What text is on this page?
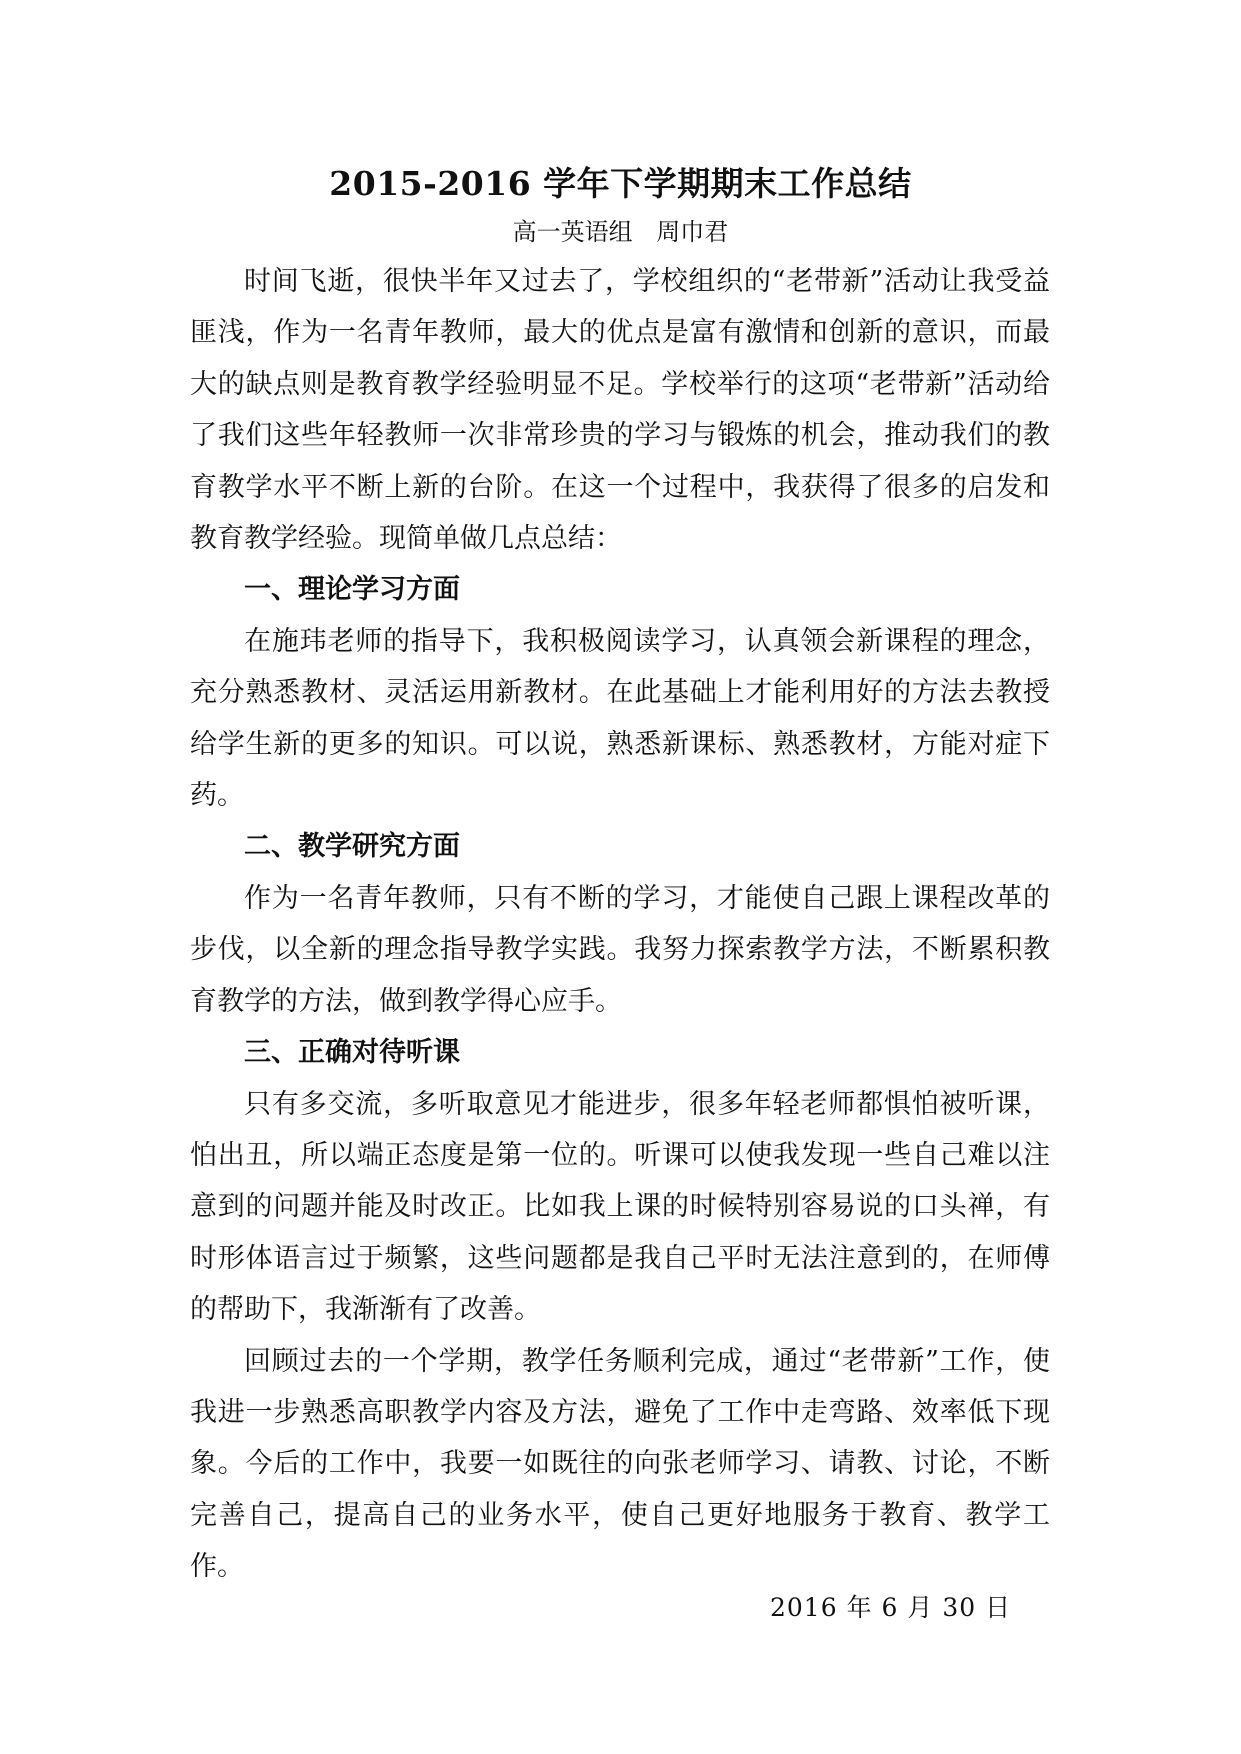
2015-2016 学年下学期期末工作总结
高一英语组 周巾君

时间飞逝，很快半年又过去了，学校组织的“老带新”活动让我受益匪浅，作为一名青年教师，最大的优点是富有激情和创新的意识，而最大的缺点则是教育教学经验明显不足。学校举行的这项“老带新”活动给了我们这些年轻教师一次非常珍贵的学习与锻炼的机会，推动我们的教育教学水平不断上新的台阶。在这一个过程中，我获得了很多的启发和教育教学经验。现简单做几点总结：

一、理论学习方面

在施玮老师的指导下，我积极阅读学习，认真领会新课程的理念，充分熟悉教材、灵活运用新教材。在此基础上才能利用好的方法去教授给学生新的更多的知识。可以说，熟悉新课标、熟悉教材，方能对症下药。

二、教学研究方面

作为一名青年教师，只有不断的学习，才能使自己跟上课程改革的步伐，以全新的理念指导教学实践。我努力探索教学方法，不断累积教育教学的方法，做到教学得心应手。

三、正确对待听课

只有多交流，多听取意见才能进步，很多年轻老师都惧怕被听课，怕出丑，所以端正态度是第一位的。听课可以使我发现一些自己难以注意到的问题并能及时改正。比如我上课的时候特别容易说的口头禅，有时形体语言过于频繁，这些问题都是我自己平时无法注意到的，在师傅的帮助下，我渐渐有了改善。

回顾过去的一个学期，教学任务顺利完成，通过“老带新”工作，使我进一步熟悉高职教学内容及方法，避免了工作中走弯路、效率低下现象。今后的工作中，我要一如既往的向张老师学习、请教、讨论，不断完善自己，提高自己的业务水平，使自己更好地服务于教育、教学工作。

2016 年 6 月 30 日
